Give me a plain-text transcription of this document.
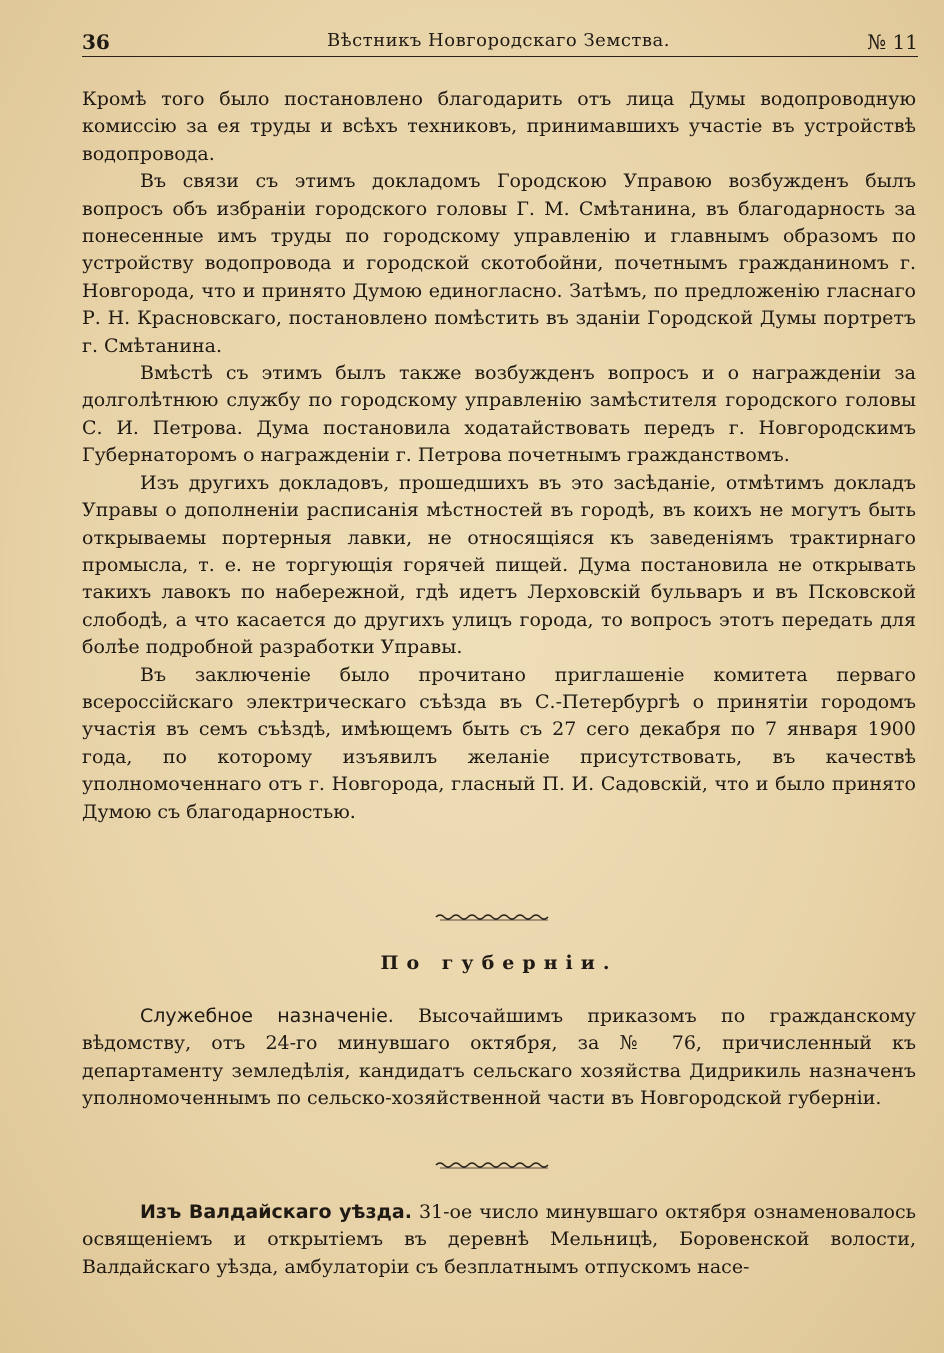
36	Вѣстникъ Новгородскаго Земства.	№ 11

Кромѣ того было постановлено благодарить отъ лица Думы водопроводную комиссію за ея труды и всѣхъ техниковъ, принимавшихъ участіе въ устройствѣ водопровода.

Въ связи съ этимъ докладомъ Городскою Управою возбужденъ былъ вопросъ объ избраніи городского головы Г. М. Смѣтанина, въ благодарность за понесенные имъ труды по городскому управленію и главнымъ образомъ по устройству водопровода и городской скотобойни, почетнымъ гражданиномъ г. Новгорода, что и принято Думою единогласно. Затѣмъ, по предложенію гласнаго Р. Н. Красновскаго, постановлено помѣстить въ зданіи Городской Думы портретъ г. Смѣтанина.

Вмѣстѣ съ этимъ былъ также возбужденъ вопросъ и о награжденіи за долголѣтнюю службу по городскому управленію замѣстителя городского головы С. И. Петрова. Дума постановила ходатайствовать передъ г. Новгородскимъ Губернаторомъ о награжденіи г. Петрова почетнымъ гражданствомъ.

Изъ другихъ докладовъ, прошедшихъ въ это засѣданіе, отмѣтимъ докладъ Управы о дополненіи расписанія мѣстностей въ городѣ, въ коихъ не могутъ быть открываемы портерныя лавки, не относящіяся къ заведеніямъ трактирнаго промысла, т. е. не торгующія горячей пищей. Дума постановила не открывать такихъ лавокъ по набережной, гдѣ идетъ Лерховскій бульваръ и въ Псковской слободѣ, а что касается до другихъ улицъ города, то вопросъ этотъ передать для болѣе подробной разработки Управы.

Въ заключеніе было прочитано приглашеніе комитета перваго всероссійскаго электрическаго съѣзда въ С.-Петербургѣ о принятіи городомъ участія въ семъ съѣздѣ, имѣющемъ быть съ 27 сего декабря по 7 января 1900 года, по которому изъявилъ желаніе присутствовать, въ качествѣ уполномоченнаго отъ г. Новгорода, гласный П. И. Садовскій, что и было принято Думою съ благодарностью.

По губерніи.

Служебное назначеніе. Высочайшимъ приказомъ по гражданскому вѣдомству, отъ 24-го минувшаго октября, за № 76, причисленный къ департаменту земледѣлія, кандидатъ сельскаго хозяйства Дидрикиль назначенъ уполномоченнымъ по сельско-хозяйственной части въ Новгородской губерніи.

Изъ Валдайскаго уѣзда. 31-ое число минувшаго октября ознаменовалось освященіемъ и открытіемъ въ деревнѣ Мельницѣ, Боровенской волости, Валдайскаго уѣзда, амбулаторіи съ безплатнымъ отпускомъ насе-
